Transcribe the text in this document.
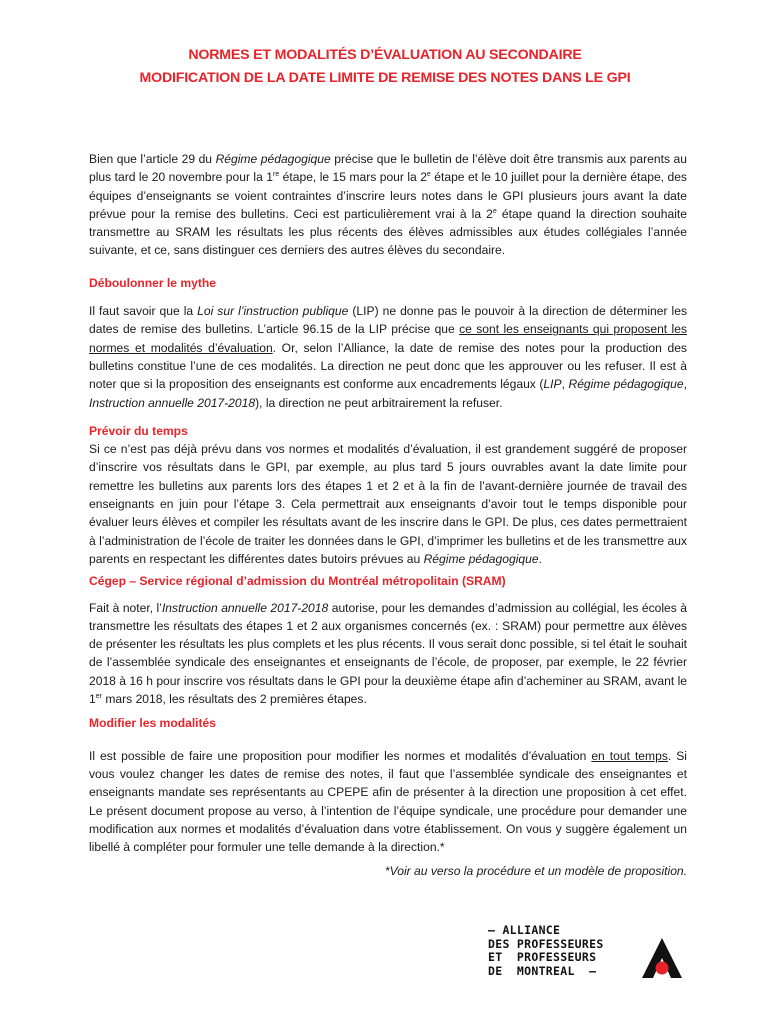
NORMES ET MODALITÉS D’ÉVALUATION AU SECONDAIRE
MODIFICATION DE LA DATE LIMITE DE REMISE DES NOTES DANS LE GPI

Bien que l’article 29 du Régime pédagogique précise que le bulletin de l’élève doit être transmis aux parents au plus tard le 20 novembre pour la 1re étape, le 15 mars pour la 2e étape et le 10 juillet pour la dernière étape, des équipes d’enseignants se voient contraintes d’inscrire leurs notes dans le GPI plusieurs jours avant la date prévue pour la remise des bulletins. Ceci est particulièrement vrai à la 2e étape quand la direction souhaite transmettre au SRAM les résultats les plus récents des élèves admissibles aux études collégiales l’année suivante, et ce, sans distinguer ces derniers des autres élèves du secondaire.

Déboulonner le mythe

Il faut savoir que la Loi sur l’instruction publique (LIP) ne donne pas le pouvoir à la direction de déterminer les dates de remise des bulletins. L’article 96.15 de la LIP précise que ce sont les enseignants qui proposent les normes et modalités d’évaluation. Or, selon l’Alliance, la date de remise des notes pour la production des bulletins constitue l’une de ces modalités. La direction ne peut donc que les approuver ou les refuser. Il est à noter que si la proposition des enseignants est conforme aux encadrements légaux (LIP, Régime pédagogique, Instruction annuelle 2017-2018), la direction ne peut arbitrairement la refuser.

Prévoir du temps

Si ce n’est pas déjà prévu dans vos normes et modalités d’évaluation, il est grandement suggéré de proposer d’inscrire vos résultats dans le GPI, par exemple, au plus tard 5 jours ouvrables avant la date limite pour remettre les bulletins aux parents lors des étapes 1 et 2 et à la fin de l’avant-dernière journée de travail des enseignants en juin pour l’étape 3. Cela permettrait aux enseignants d’avoir tout le temps disponible pour évaluer leurs élèves et compiler les résultats avant de les inscrire dans le GPI. De plus, ces dates permettraient à l’administration de l’école de traiter les données dans le GPI, d’imprimer les bulletins et de les transmettre aux parents en respectant les différentes dates butoirs prévues au Régime pédagogique.

Cégep – Service régional d’admission du Montréal métropolitain (SRAM)

Fait à noter, l’Instruction annuelle 2017-2018 autorise, pour les demandes d’admission au collégial, les écoles à transmettre les résultats des étapes 1 et 2 aux organismes concernés (ex. : SRAM) pour permettre aux élèves de présenter les résultats les plus complets et les plus récents. Il vous serait donc possible, si tel était le souhait de l’assemblée syndicale des enseignantes et enseignants de l’école, de proposer, par exemple, le 22 février 2018 à 16 h pour inscrire vos résultats dans le GPI pour la deuxième étape afin d’acheminer au SRAM, avant le 1er mars 2018, les résultats des 2 premières étapes.

Modifier les modalités

Il est possible de faire une proposition pour modifier les normes et modalités d’évaluation en tout temps. Si vous voulez changer les dates de remise des notes, il faut que l’assemblée syndicale des enseignantes et enseignants mandate ses représentants au CPEPE afin de présenter à la direction une proposition à cet effet. Le présent document propose au verso, à l’intention de l’équipe syndicale, une procédure pour demander une modification aux normes et modalités d’évaluation dans votre établissement. On vous y suggère également un libellé à compléter pour formuler une telle demande à la direction.*

*Voir au verso la procédure et un modèle de proposition.
— ALLIANCE
DES PROFESSEURES
ET  PROFESSEURS
DE  MONTREAL  —
